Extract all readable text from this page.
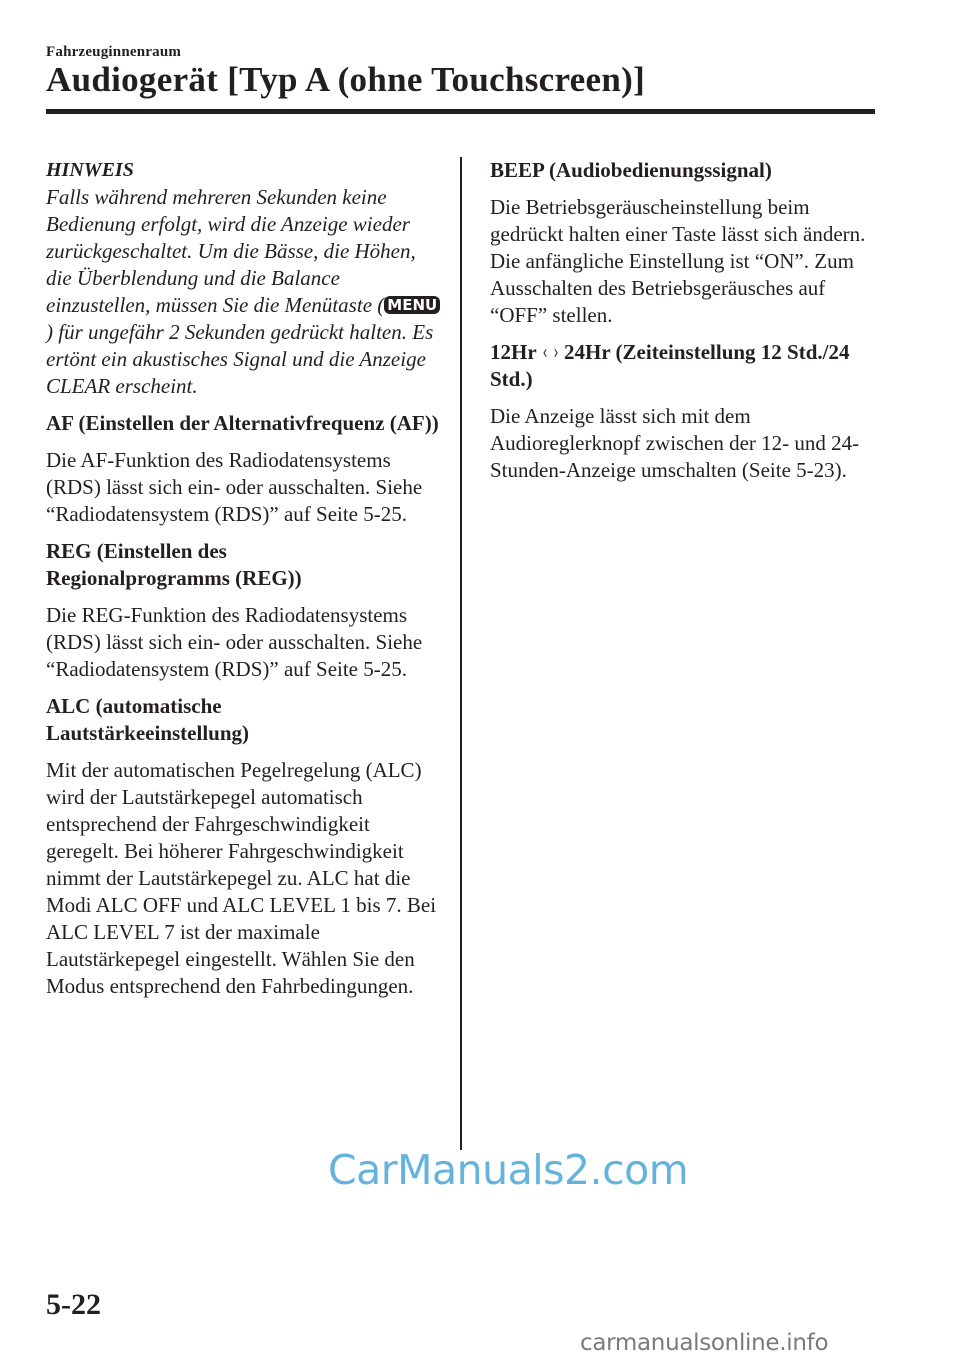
Fahrzeuginnenraum
Audiogerät [Typ A (ohne Touchscreen)]

HINWEIS

Falls während mehreren Sekunden keine Bedienung erfolgt, wird die Anzeige wieder zurückgeschaltet. Um die Bässe, die Höhen, die Überblendung und die Balance einzustellen, müssen Sie die Menütaste ( MENU) für ungefähr 2 Sekunden gedrückt halten. Es ertönt ein akustisches Signal und die Anzeige CLEAR erscheint.

AF (Einstellen der Alternativfrequenz (AF))

Die AF-Funktion des Radiodatensystems (RDS) lässt sich ein- oder ausschalten. Siehe “Radiodatensystem (RDS)” auf Seite 5-25.

REG (Einstellen des
Regionalprogramms (REG))

Die REG-Funktion des Radiodatensystems (RDS) lässt sich ein- oder ausschalten. Siehe “Radiodatensystem (RDS)” auf Seite 5-25.

ALC (automatische
Lautstärkeeinstellung)

Mit der automatischen Pegelregelung (ALC) wird der Lautstärkepegel automatisch entsprechend der Fahrgeschwindigkeit geregelt. Bei höherer Fahrgeschwindigkeit nimmt der Lautstärkepegel zu. ALC hat die Modi ALC OFF und ALC LEVEL 1 bis 7. Bei ALC LEVEL 7 ist der maximale Lautstärkepegel eingestellt. Wählen Sie den Modus entsprechend den Fahrbedingungen.

BEEP (Audiobedienungssignal)

Die Betriebsgeräuscheinstellung beim gedrückt halten einer Taste lässt sich ändern. Die anfängliche Einstellung ist “ON”. Zum Ausschalten des Betriebsgeräusches auf “OFF” stellen.

12Hr ‹ › 24Hr (Zeiteinstellung 12 Std./24 Std.)

Die Anzeige lässt sich mit dem Audioreglerknopf zwischen der 12- und 24-Stunden-Anzeige umschalten (Seite 5-23).

CarManuals2.com
5-22
carmanualsonline.info
